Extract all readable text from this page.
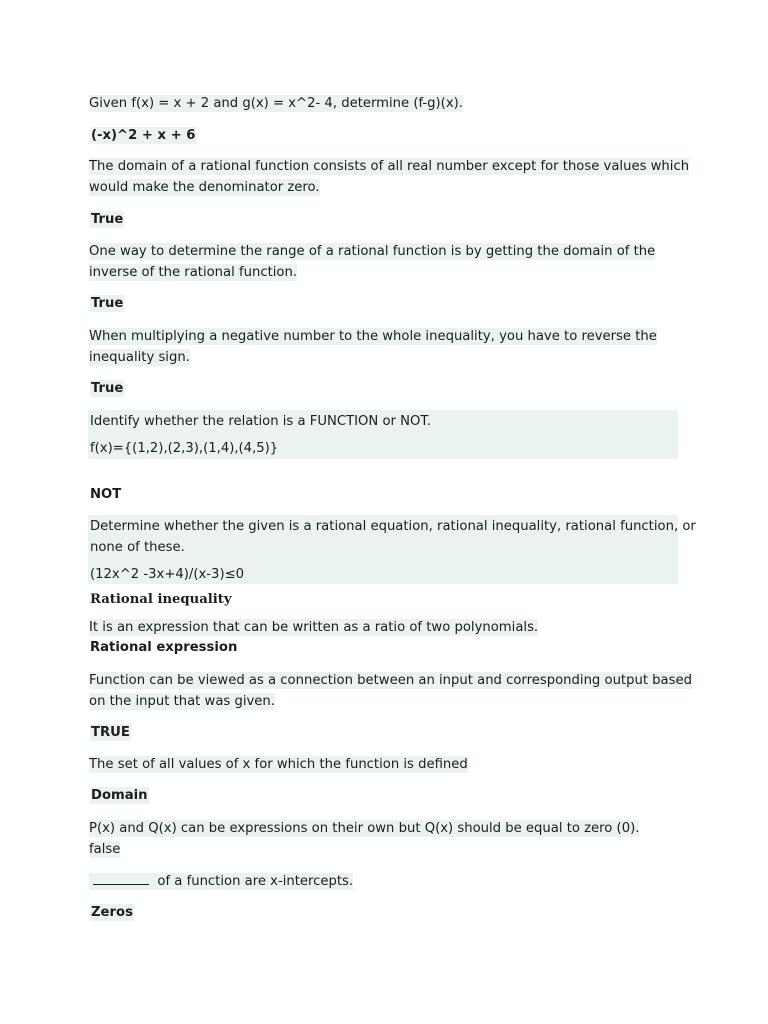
Given f(x) = x + 2 and g(x) = x^2- 4, determine (f-g)(x).
(-x)^2 + x + 6
The domain of a rational function consists of all real number except for those values which
would make the denominator zero.
True
One way to determine the range of a rational function is by getting the domain of the
inverse of the rational function.
True
When multiplying a negative number to the whole inequality, you have to reverse the
inequality sign.
True
Identify whether the relation is a FUNCTION or NOT.
f(x)={(1,2),(2,3),(1,4),(4,5)}
NOT
Determine whether the given is a rational equation, rational inequality, rational function, or
none of these.
(12x^2 -3x+4)/(x-3)≤0
Rational inequality
It is an expression that can be written as a ratio of two polynomials.
Rational expression
Function can be viewed as a connection between an input and corresponding output based
on the input that was given.
TRUE
The set of all values of x for which the function is defined
Domain
P(x) and Q(x) can be expressions on their own but Q(x) should be equal to zero (0).
false
of a function are x-intercepts.
Zeros
